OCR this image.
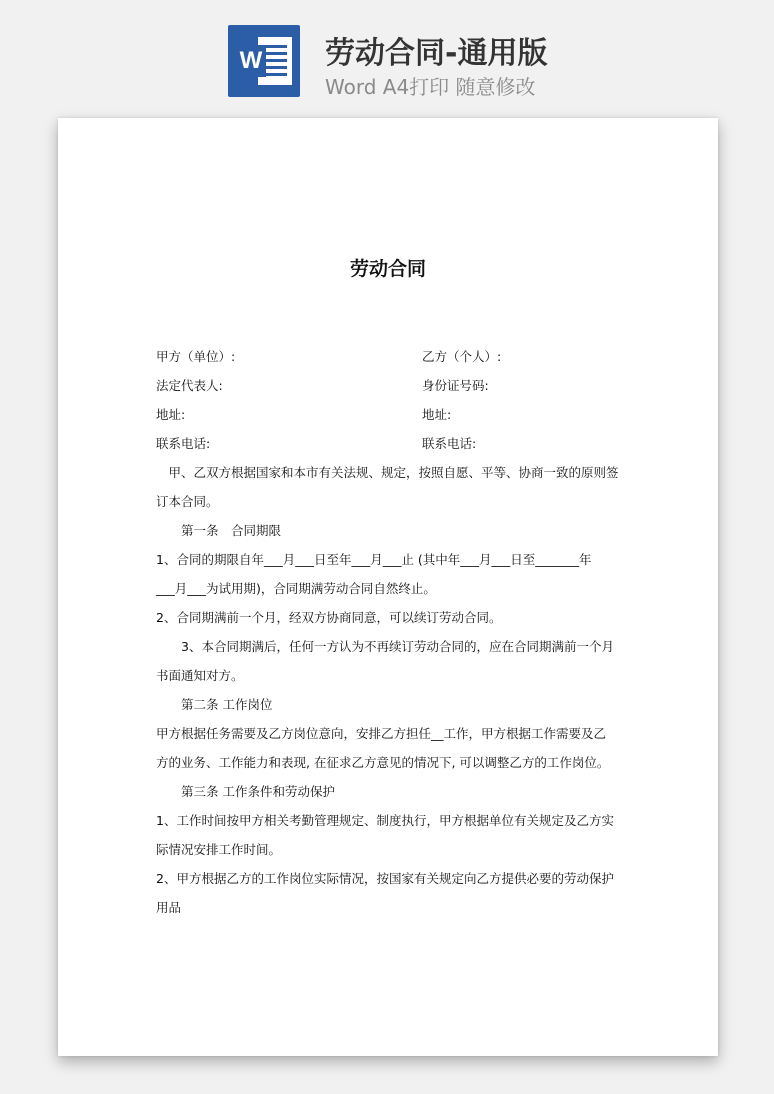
W 劳动合同-通用版
Word A4打印 随意修改
劳动合同
甲方（单位）:	乙方（个人）:
法定代表人:	身份证号码:
地址:	地址:
联系电话:	联系电话:
　甲、乙双方根据国家和本市有关法规、规定，按照自愿、平等、协商一致的原则签
订本合同。
　　第一条　合同期限
1、合同的期限自年___月___日至年___月___止 (其中年___月___日至_______年
___月___为试用期)，合同期满劳动合同自然终止。
2、合同期满前一个月，经双方协商同意，可以续订劳动合同。
　　3、本合同期满后，任何一方认为不再续订劳动合同的，应在合同期满前一个月
书面通知对方。
　　第二条 工作岗位
甲方根据任务需要及乙方岗位意向，安排乙方担任__工作，甲方根据工作需要及乙
方的业务、工作能力和表现, 在征求乙方意见的情况下, 可以调整乙方的工作岗位。
　　第三条 工作条件和劳动保护
1、工作时间按甲方相关考勤管理规定、制度执行，甲方根据单位有关规定及乙方实
际情况安排工作时间。
2、甲方根据乙方的工作岗位实际情况，按国家有关规定向乙方提供必要的劳动保护
用品
